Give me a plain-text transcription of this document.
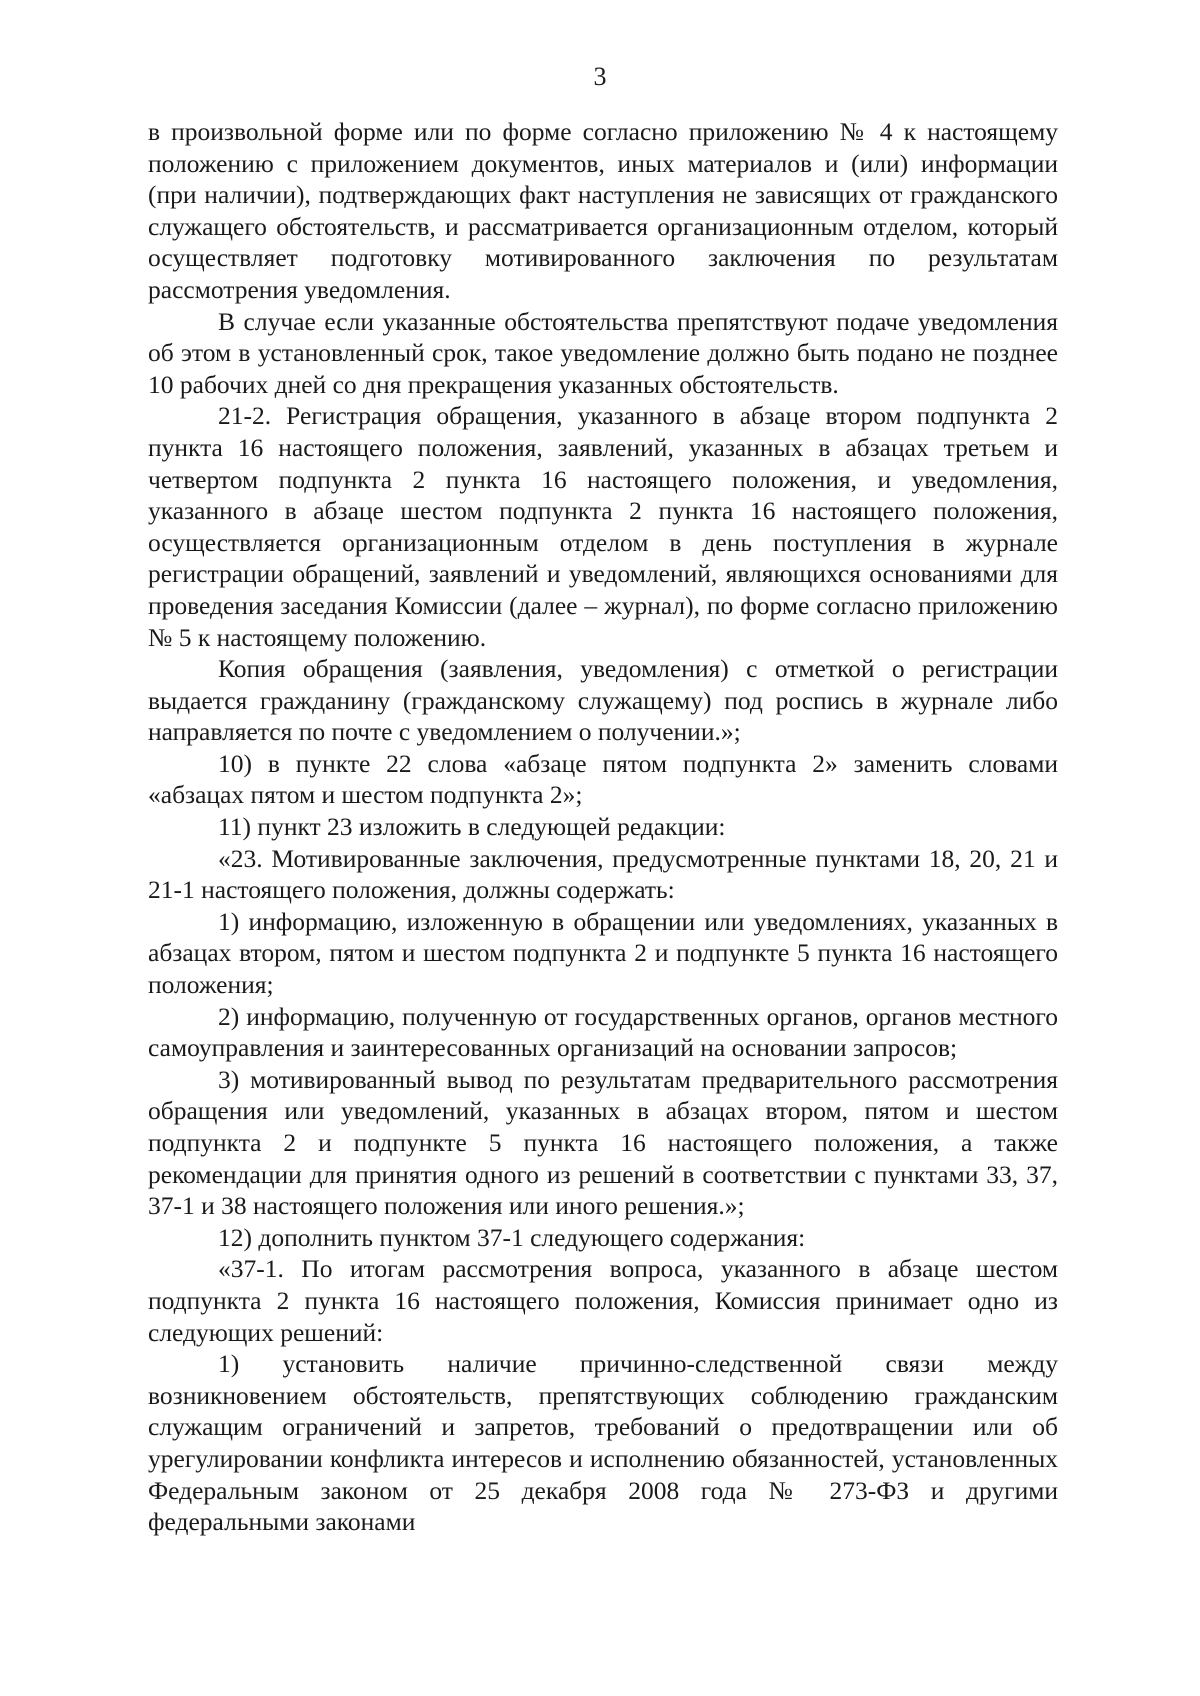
3

в произвольной форме или по форме согласно приложению № 4 к настоящему положению с приложением документов, иных материалов и (или) информации (при наличии), подтверждающих факт наступления не зависящих от гражданского служащего обстоятельств, и рассматривается организационным отделом, который осуществляет подготовку мотивированного заключения по результатам рассмотрения уведомления.

В случае если указанные обстоятельства препятствуют подаче уведомления об этом в установленный срок, такое уведомление должно быть подано не позднее 10 рабочих дней со дня прекращения указанных обстоятельств.

21-2. Регистрация обращения, указанного в абзаце втором подпункта 2 пункта 16 настоящего положения, заявлений, указанных в абзацах третьем и четвертом подпункта 2 пункта 16 настоящего положения, и уведомления, указанного в абзаце шестом подпункта 2 пункта 16 настоящего положения, осуществляется организационным отделом в день поступления в журнале регистрации обращений, заявлений и уведомлений, являющихся основаниями для проведения заседания Комиссии (далее – журнал), по форме согласно приложению № 5 к настоящему положению.

Копия обращения (заявления, уведомления) с отметкой о регистрации выдается гражданину (гражданскому служащему) под роспись в журнале либо направляется по почте с уведомлением о получении.»;

10) в пункте 22 слова «абзаце пятом подпункта 2» заменить словами «абзацах пятом и шестом подпункта 2»;

11) пункт 23 изложить в следующей редакции:

«23. Мотивированные заключения, предусмотренные пунктами 18, 20, 21 и 21-1 настоящего положения, должны содержать:

1) информацию, изложенную в обращении или уведомлениях, указанных в абзацах втором, пятом и шестом подпункта 2 и подпункте 5 пункта 16 настоящего положения;

2) информацию, полученную от государственных органов, органов местного самоуправления и заинтересованных организаций на основании запросов;

3) мотивированный вывод по результатам предварительного рассмотрения обращения или уведомлений, указанных в абзацах втором, пятом и шестом подпункта 2 и подпункте 5 пункта 16 настоящего положения, а также рекомендации для принятия одного из решений в соответствии с пунктами 33, 37, 37-1 и 38 настоящего положения или иного решения.»;

12) дополнить пунктом 37-1 следующего содержания:

«37-1. По итогам рассмотрения вопроса, указанного в абзаце шестом подпункта 2 пункта 16 настоящего положения, Комиссия принимает одно из следующих решений:

1) установить наличие причинно-следственной связи между возникновением обстоятельств, препятствующих соблюдению гражданским служащим ограничений и запретов, требований о предотвращении или об урегулировании конфликта интересов и исполнению обязанностей, установленных Федеральным законом от 25 декабря 2008 года № 273-ФЗ и другими федеральными законами
